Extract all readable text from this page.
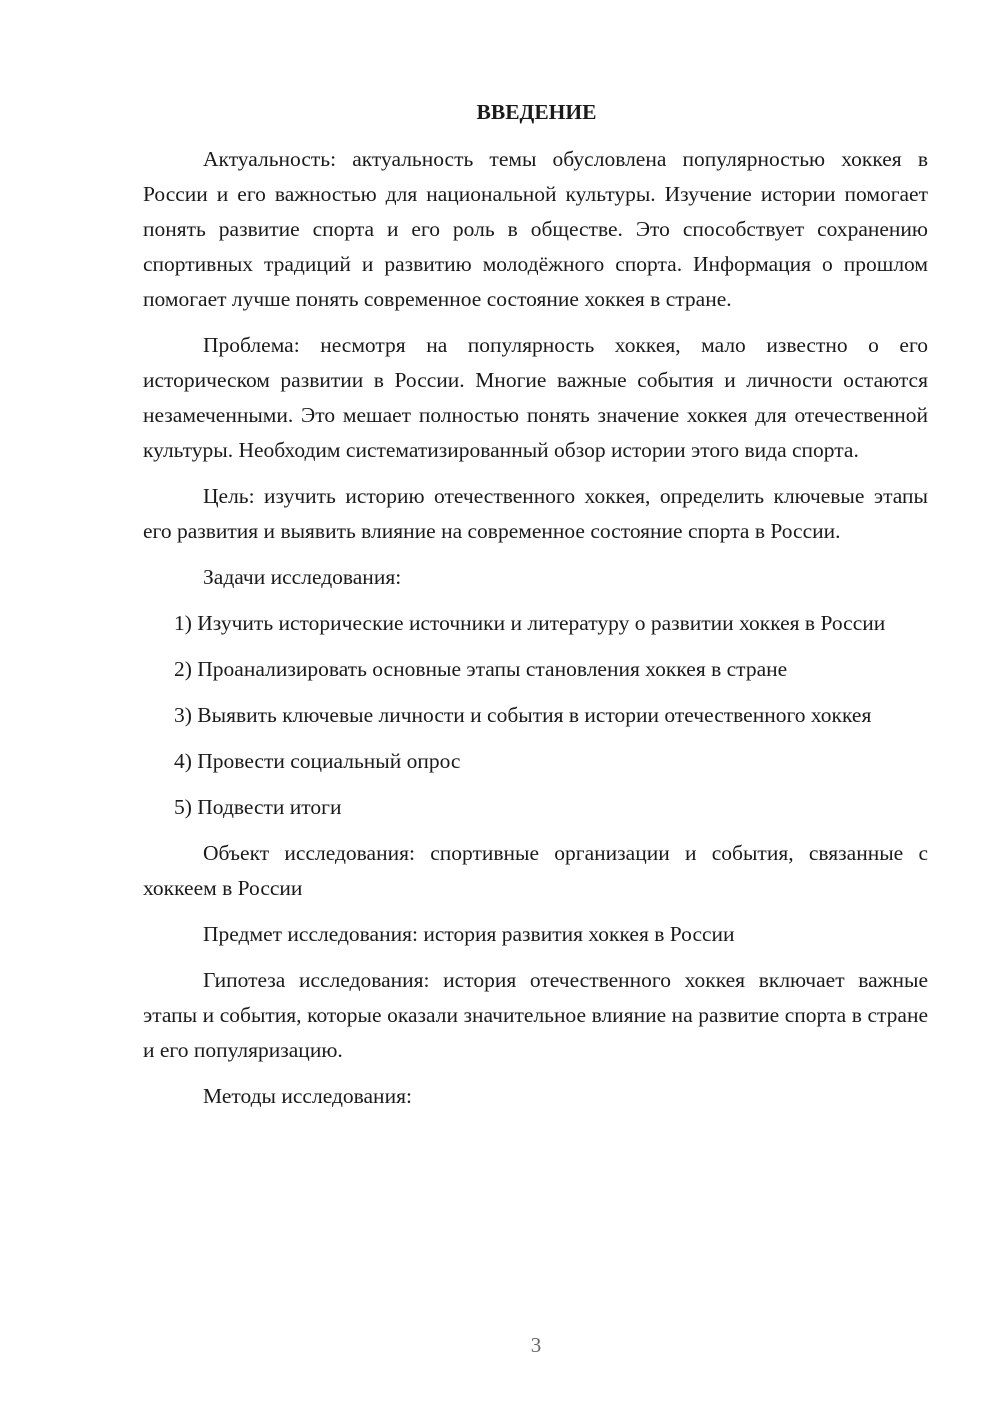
ВВЕДЕНИЕ

Актуальность: актуальность темы обусловлена популярностью хоккея в России и его важностью для национальной культуры. Изучение истории помогает понять развитие спорта и его роль в обществе. Это способствует сохранению спортивных традиций и развитию молодёжного спорта. Информация о прошлом помогает лучше понять современное состояние хоккея в стране.

Проблема: несмотря на популярность хоккея, мало известно о его историческом развитии в России. Многие важные события и личности остаются незамеченными. Это мешает полностью понять значение хоккея для отечественной культуры. Необходим систематизированный обзор истории этого вида спорта.

Цель: изучить историю отечественного хоккея, определить ключевые этапы его развития и выявить влияние на современное состояние спорта в России.

Задачи исследования:

1) Изучить исторические источники и литературу о развитии хоккея в России

2) Проанализировать основные этапы становления хоккея в стране

3) Выявить ключевые личности и события в истории отечественного хоккея

4) Провести социальный опрос

5) Подвести итоги

Объект исследования: спортивные организации и события, связанные с хоккеем в России

Предмет исследования: история развития хоккея в России

Гипотеза исследования: история отечественного хоккея включает важные этапы и события, которые оказали значительное влияние на развитие спорта в стране и его популяризацию.

Методы исследования:

3
